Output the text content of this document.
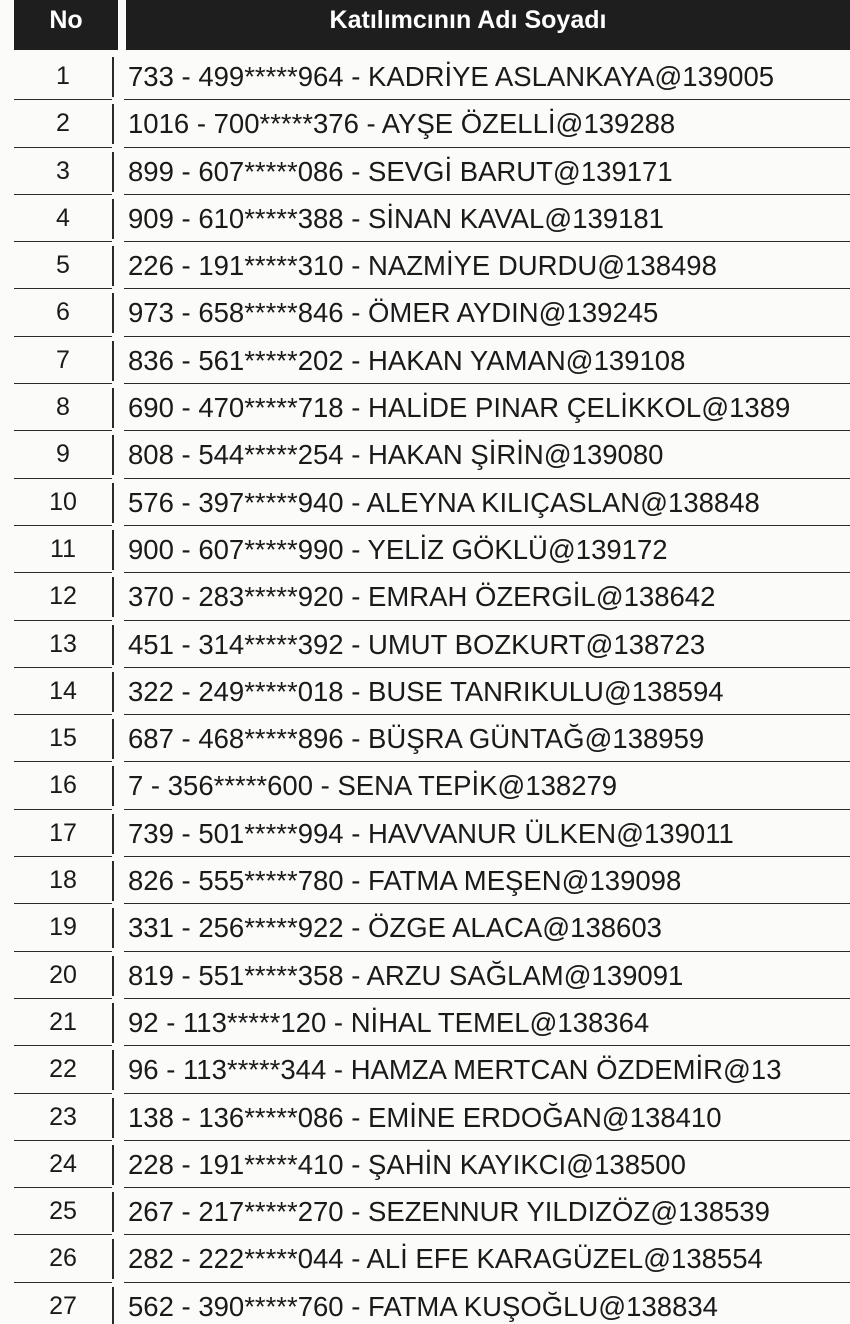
No	Katılımcının Adı Soyadı
1	733 - 499*****964 - KADRİYE ASLANKAYA@139005
2	1016 - 700*****376 - AYŞE ÖZELLİ@139288
3	899 - 607*****086 - SEVGİ BARUT@139171
4	909 - 610*****388 - SİNAN KAVAL@139181
5	226 - 191*****310 - NAZMİYE DURDU@138498
6	973 - 658*****846 - ÖMER AYDIN@139245
7	836 - 561*****202 - HAKAN YAMAN@139108
8	690 - 470*****718 - HALİDE PINAR ÇELİKKOL@1389
9	808 - 544*****254 - HAKAN ŞİRİN@139080
10	576 - 397*****940 - ALEYNA KILIÇASLAN@138848
11	900 - 607*****990 - YELİZ GÖKLÜ@139172
12	370 - 283*****920 - EMRAH ÖZERGİL@138642
13	451 - 314*****392 - UMUT BOZKURT@138723
14	322 - 249*****018 - BUSE TANRIKULU@138594
15	687 - 468*****896 - BÜŞRA GÜNTAĞ@138959
16	7 - 356*****600 - SENA TEPİK@138279
17	739 - 501*****994 - HAVVANUR ÜLKEN@139011
18	826 - 555*****780 - FATMA MEŞEN@139098
19	331 - 256*****922 - ÖZGE ALACA@138603
20	819 - 551*****358 - ARZU SAĞLAM@139091
21	92 - 113*****120 - NİHAL TEMEL@138364
22	96 - 113*****344 - HAMZA MERTCAN ÖZDEMİR@13
23	138 - 136*****086 - EMİNE ERDOĞAN@138410
24	228 - 191*****410 - ŞAHİN KAYIKCI@138500
25	267 - 217*****270 - SEZENNUR YILDIZÖZ@138539
26	282 - 222*****044 - ALİ EFE KARAGÜZEL@138554
27	562 - 390*****760 - FATMA KUŞOĞLU@138834
